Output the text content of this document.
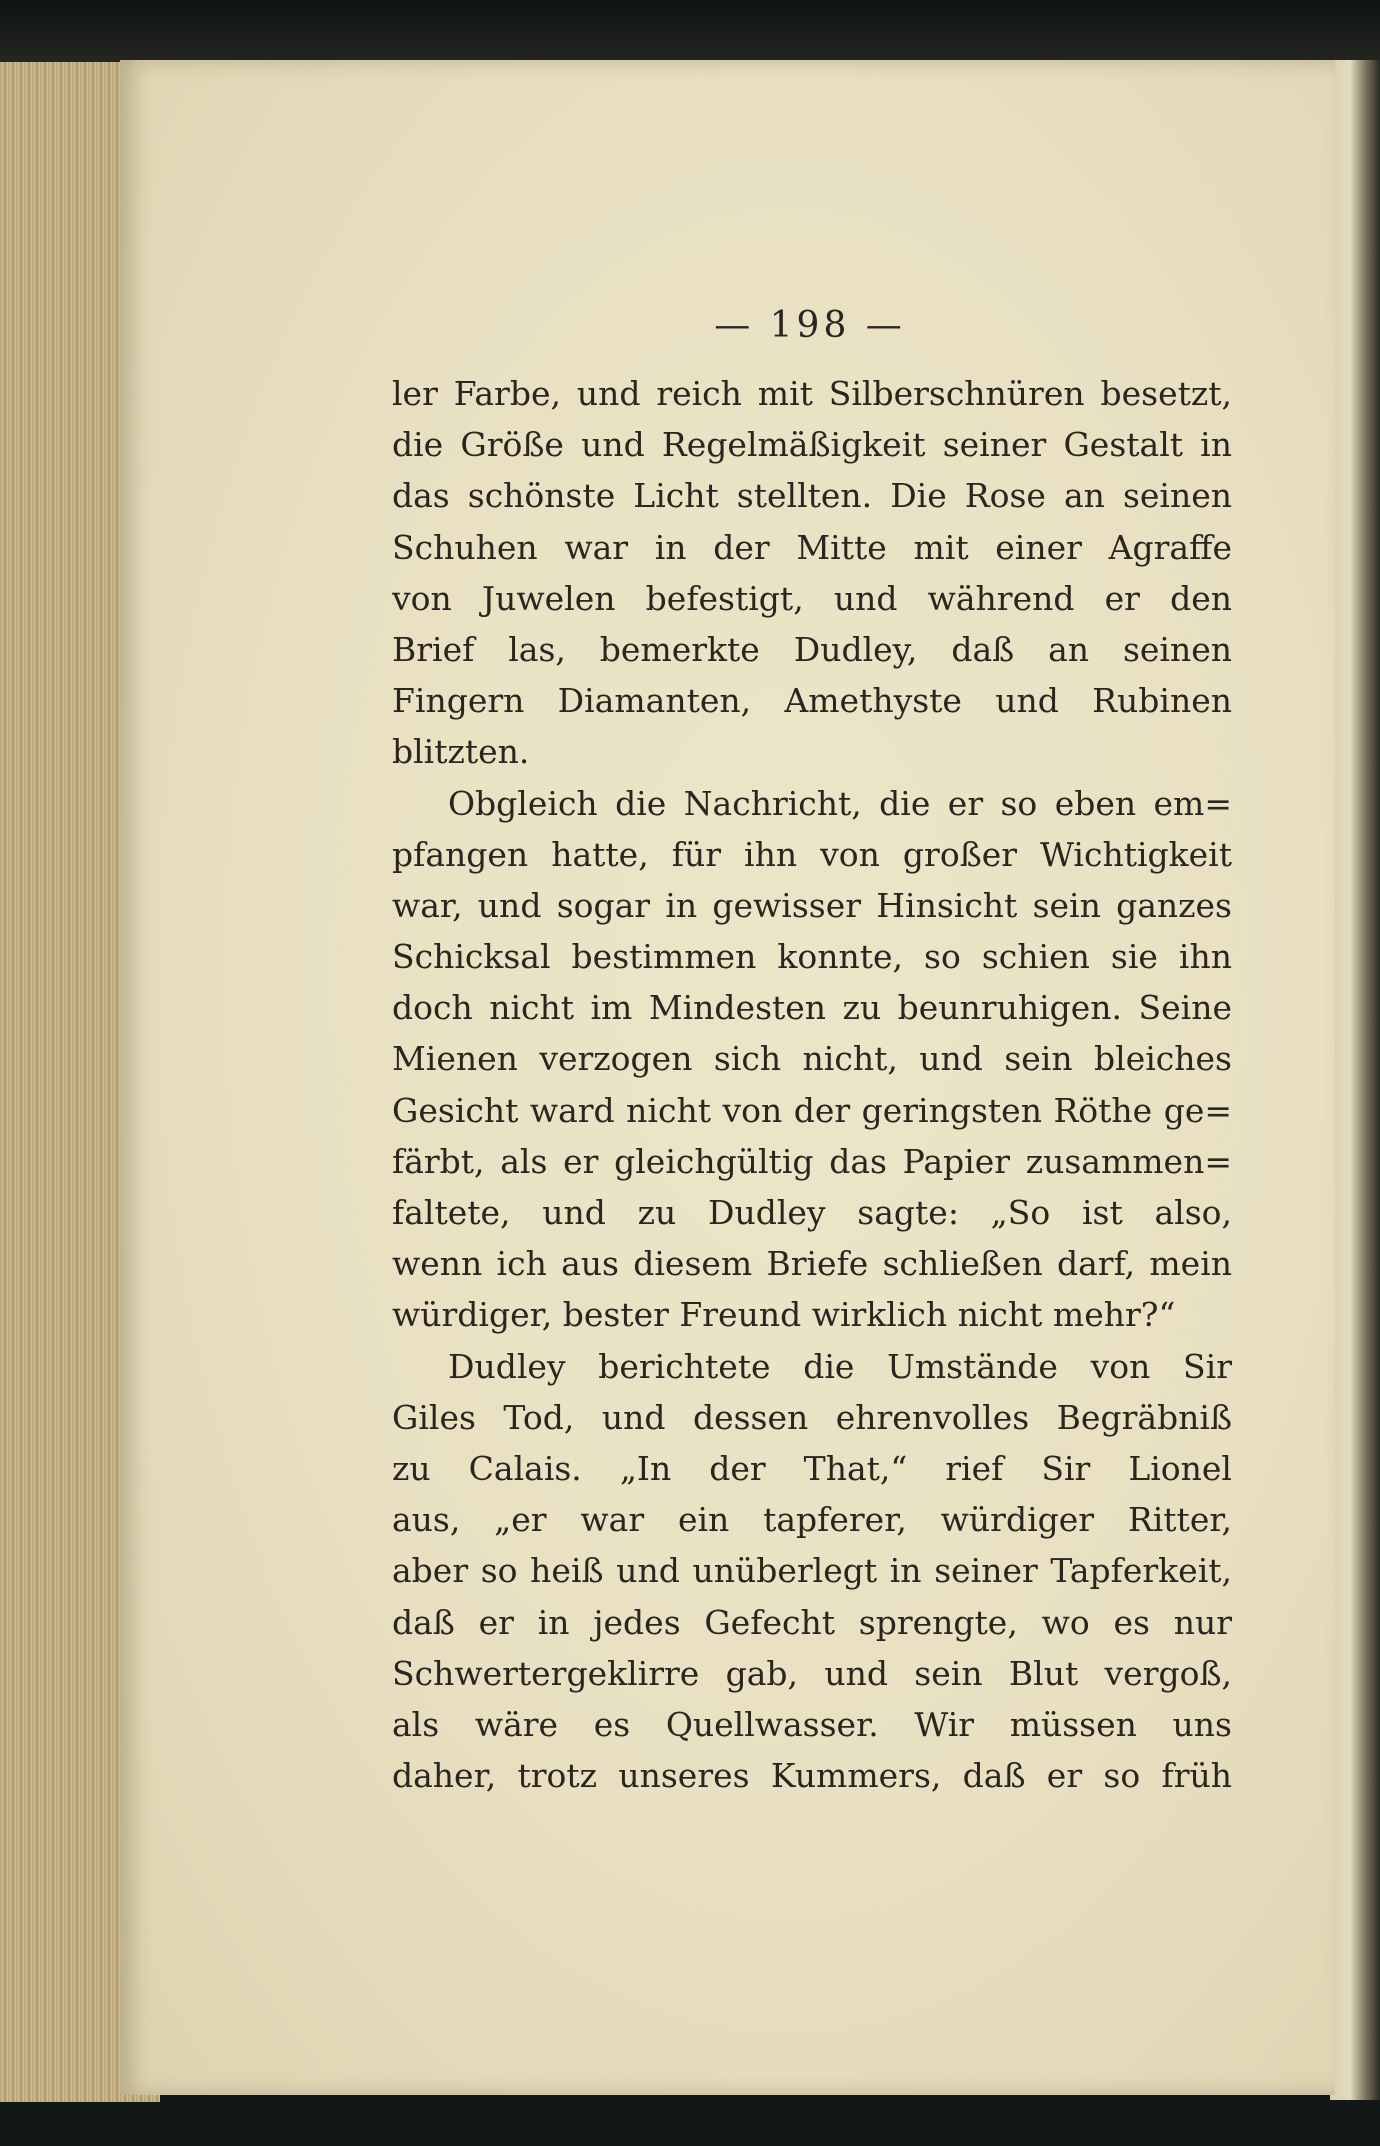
— 198 —
ler Farbe, und reich mit Silberschnüren besetzt,
die Größe und Regelmäßigkeit seiner Gestalt in
das schönste Licht stellten. Die Rose an seinen
Schuhen war in der Mitte mit einer Agraffe
von Juwelen befestigt, und während er den
Brief las, bemerkte Dudley, daß an seinen
Fingern Diamanten, Amethyste und Rubinen
blitzten.
Obgleich die Nachricht, die er so eben em=
pfangen hatte, für ihn von großer Wichtigkeit
war, und sogar in gewisser Hinsicht sein ganzes
Schicksal bestimmen konnte, so schien sie ihn
doch nicht im Mindesten zu beunruhigen. Seine
Mienen verzogen sich nicht, und sein bleiches
Gesicht ward nicht von der geringsten Röthe ge=
färbt, als er gleichgültig das Papier zusammen=
faltete, und zu Dudley sagte: „So ist also,
wenn ich aus diesem Briefe schließen darf, mein
würdiger, bester Freund wirklich nicht mehr?“
Dudley berichtete die Umstände von Sir
Giles Tod, und dessen ehrenvolles Begräbniß
zu Calais. „In der That,“ rief Sir Lionel
aus, „er war ein tapferer, würdiger Ritter,
aber so heiß und unüberlegt in seiner Tapferkeit,
daß er in jedes Gefecht sprengte, wo es nur
Schwertergeklirre gab, und sein Blut vergoß,
als wäre es Quellwasser. Wir müssen uns
daher, trotz unseres Kummers, daß er so früh
